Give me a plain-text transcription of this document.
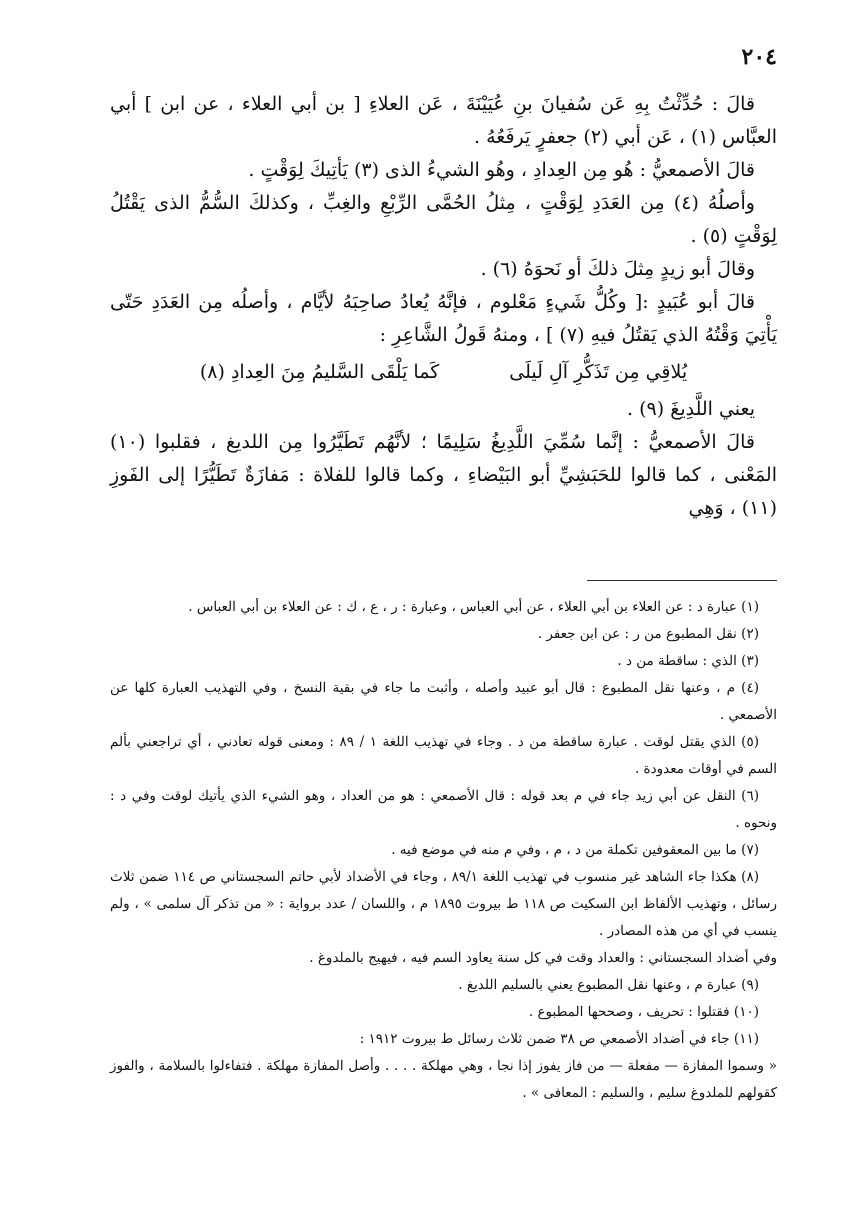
٢٠٤

قالَ : حُدِّثْتُ بِهِ عَن سُفيانَ بنِ عُيَيْنَةَ ، عَن العلاءِ [ بن أبي العلاء ، عن ابن ] أبي العبَّاس (١) ، عَن أبي (٢) جعفرٍ يَرفَعُهُ .

قالَ الأصمعيُّ : هُو مِن العِدادِ ، وهُو الشيءُ الذى (٣) يَأتِيكَ لِوَقْتٍ .

وأصلُهُ (٤) مِن العَدَدِ لِوَقْتٍ ، مِثلُ الحُمَّى الرِّبْعِ والغِبِّ ، وكذلكَ السُّمُّ الذى يَقْتُلُ لِوَقْتٍ (٥) .

وقالَ أبو زيدٍ مِثلَ ذلكَ أو نَحوَهُ (٦) .

قالَ أبو عُبَيدٍ :[ وكُلُّ شَيءٍ مَعْلوم ، فإنَّهُ يُعادُ صاحِبَهُ لأيَّام ، وأصلُه مِن العَدَدِ حَتّى يَأْتِيَ وَقْتُهُ الذي يَقتُلُ فيهِ (٧) ] ، ومنهُ قَولُ الشَّاعِرِ :

يُلاقِي مِن تَذَكُّرِ آلِ لَيلَى
كَما يَلْقَى السَّليمُ مِنَ العِدادِ (٨)

يعني اللَّدِيغَ (٩) .

قالَ الأصمعيُّ : إنَّما سُمِّيَ اللَّدِيغُ سَلِيمًا ؛ لأنَّهُم تَطَيَّرُوا مِن اللديغ ، فقلبوا (١٠) المَعْنى ، كما قالوا للحَبَشِيِّ أبو البَيْضاءِ ، وكما قالوا للفلاة : مَفازَةٌ تَطَيُّرًا إلى الفَوزِ (١١) ، وَهِي

(١) عبارة د : عن العلاء بن أبي العلاء ، عن أبي العباس ، وعبارة : ر ، ع ، ك : عن العلاء بن أبي العباس .

(٢) نقل المطبوع من ر : عن ابن جعفر .

(٣) الذي : ساقطة من د .

(٤) م ، وعنها نقل المطبوع : قال أبو عبيد وأصله ، وأثبت ما جاء في بقية النسخ ، وفي التهذيب العبارة كلها عن الأصمعي .

(٥) الذي يقتل لوقت . عبارة ساقطة من د . وجاء في تهذيب اللغة ١ / ٨٩ : ومعنى قوله تعادني ، أي تراجعني بألم السم في أوقات معدودة .

(٦) النقل عن أبي زيد جاء في م بعد قوله : قال الأصمعي : هو من العداد ، وهو الشيء الذي يأتيك لوقت وفي د : ونحوه .

(٧) ما بين المعقوفين تكملة من د ، م ، وفي م منه في موضع فيه .

(٨) هكذا جاء الشاهد غير منسوب في تهذيب اللغة ٨٩/١ ، وجاء في الأضداد لأبي حاتم السجستاني ص ١١٤ ضمن ثلاث رسائل ، وتهذيب الألفاظ ابن السكيت ص ١١٨ ط بيروت ١٨٩٥ م ، واللسان / عدد برواية : « من تذكر آل سلمى » ، ولم ينسب في أي من هذه المصادر .

وفي أضداد السجستاني : والعداد وقت في كل سنة يعاود السم فيه ، فيهيج بالملدوغ .

(٩) عبارة م ، وعنها نقل المطبوع يعني بالسليم اللديغ .

(١٠) فقتلوا : تحريف ، وصححها المطبوع .

(١١) جاء في أضداد الأصمعي ص ٣٨ ضمن ثلاث رسائل ط بيروت ١٩١٢ :

« وسموا المفازة — مفعلة — من فاز يفوز إذا نجا ، وهي مهلكة . . . . وأصل المفازة مهلكة . فتفاءلوا بالسلامة ، والفوز كقولهم للملدوغ سليم ، والسليم : المعافى » .
